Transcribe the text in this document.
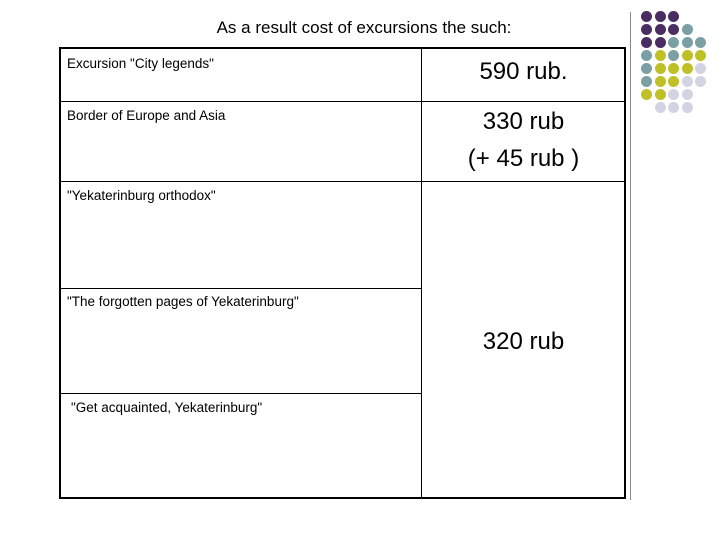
As a result cost of excursions the such:
Excursion "City legends"
Border of Europe and Asia
"Yekaterinburg orthodox"
"The forgotten pages of Yekaterinburg"
"Get acquainted, Yekaterinburg"
590 rub.
330 rub
(+ 45 rub )
320 rub
